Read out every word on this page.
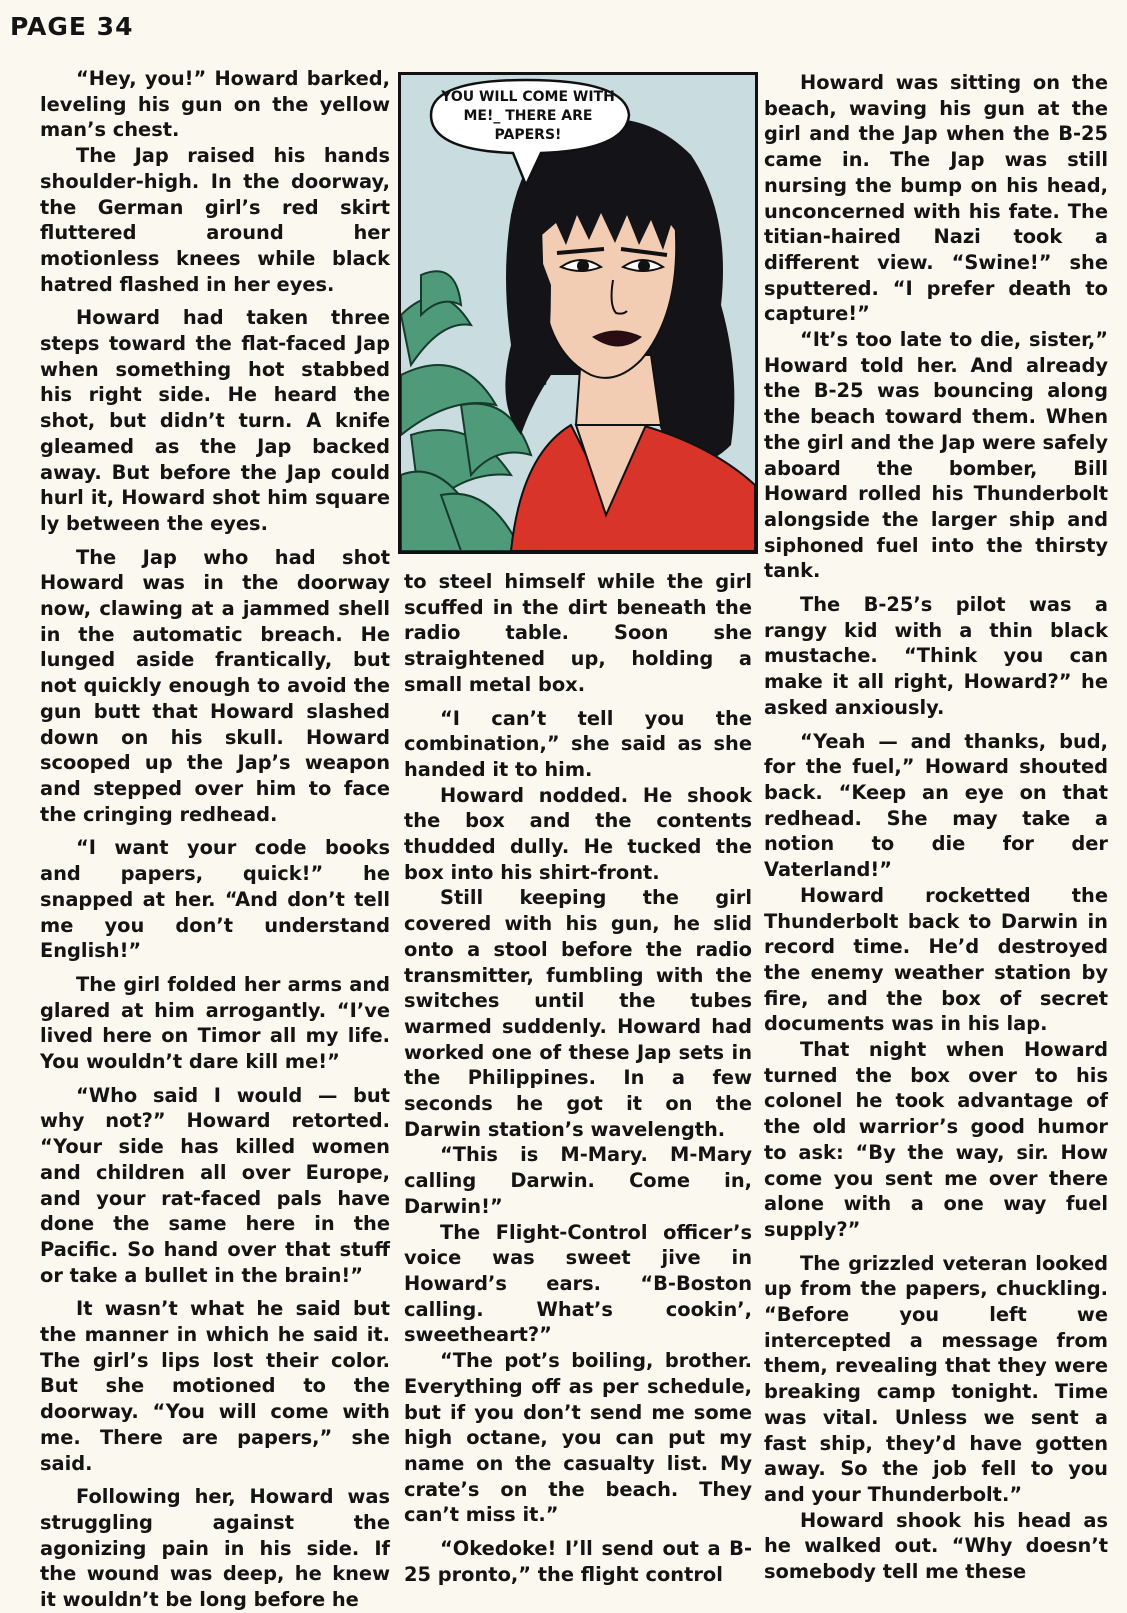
PAGE 34

“Hey, you!” Howard barked, leveling his gun on the yellow man’s chest.

The Jap raised his hands shoulder-high. In the doorway, the German girl’s red skirt fluttered around her motionless knees while black hatred flashed in her eyes.

Howard had taken three steps toward the flat-faced Jap when something hot stabbed his right side. He heard the shot, but didn’t turn. A knife gleamed as the Jap backed away. But before the Jap could hurl it, Howard shot him square ly between the eyes.

The Jap who had shot Howard was in the doorway now, clawing at a jammed shell in the automatic breach. He lunged aside frantically, but not quickly enough to avoid the gun butt that Howard slashed down on his skull. Howard scooped up the Jap’s weapon and stepped over him to face the cringing redhead.

“I want your code books and papers, quick!” he snapped at her. “And don’t tell me you don’t understand English!”

The girl folded her arms and glared at him arrogantly. “I’ve lived here on Timor all my life. You wouldn’t dare kill me!”

“Who said I would — but why not?” Howard retorted. “Your side has killed women and children all over Europe, and your rat-faced pals have done the same here in the Pacific. So hand over that stuff or take a bullet in the brain!”

It wasn’t what he said but the manner in which he said it. The girl’s lips lost their color. But she motioned to the doorway. “You will come with me. There are papers,” she said.

Following her, Howard was struggling against the agonizing pain in his side. If the wound was deep, he knew it wouldn’t be long before he

YOU WILL COME WITH ME!_ THERE ARE PAPERS!

to steel himself while the girl scuffed in the dirt beneath the radio table. Soon she straightened up, holding a small metal box.

“I can’t tell you the combination,” she said as she handed it to him.

Howard nodded. He shook the box and the contents thudded dully. He tucked the box into his shirt-front.

Still keeping the girl covered with his gun, he slid onto a stool before the radio transmitter, fumbling with the switches until the tubes warmed suddenly. Howard had worked one of these Jap sets in the Philippines. In a few seconds he got it on the Darwin station’s wavelength.

“This is M-Mary. M-Mary calling Darwin. Come in, Darwin!”

The Flight-Control officer’s voice was sweet jive in Howard’s ears. “B-Boston calling. What’s cookin’, sweetheart?”

“The pot’s boiling, brother. Everything off as per schedule, but if you don’t send me some high octane, you can put my name on the casualty list. My crate’s on the beach. They can’t miss it.”

“Okedoke! I’ll send out a B-25 pronto,” the flight control

Howard was sitting on the beach, waving his gun at the girl and the Jap when the B-25 came in. The Jap was still nursing the bump on his head, unconcerned with his fate. The titian-haired Nazi took a different view. “Swine!” she sputtered. “I prefer death to capture!”

“It’s too late to die, sister,” Howard told her. And already the B-25 was bouncing along the beach toward them. When the girl and the Jap were safely aboard the bomber, Bill Howard rolled his Thunderbolt alongside the larger ship and siphoned fuel into the thirsty tank.

The B-25’s pilot was a rangy kid with a thin black mustache. “Think you can make it all right, Howard?” he asked anxiously.

“Yeah — and thanks, bud, for the fuel,” Howard shouted back. “Keep an eye on that redhead. She may take a notion to die for der Vaterland!”

Howard rocketted the Thunderbolt back to Darwin in record time. He’d destroyed the enemy weather station by fire, and the box of secret documents was in his lap.

That night when Howard turned the box over to his colonel he took advantage of the old warrior’s good humor to ask: “By the way, sir. How come you sent me over there alone with a one way fuel supply?”

The grizzled veteran looked up from the papers, chuckling. “Before you left we intercepted a message from them, revealing that they were breaking camp tonight. Time was vital. Unless we sent a fast ship, they’d have gotten away. So the job fell to you and your Thunderbolt.”

Howard shook his head as he walked out. “Why doesn’t somebody tell me these
